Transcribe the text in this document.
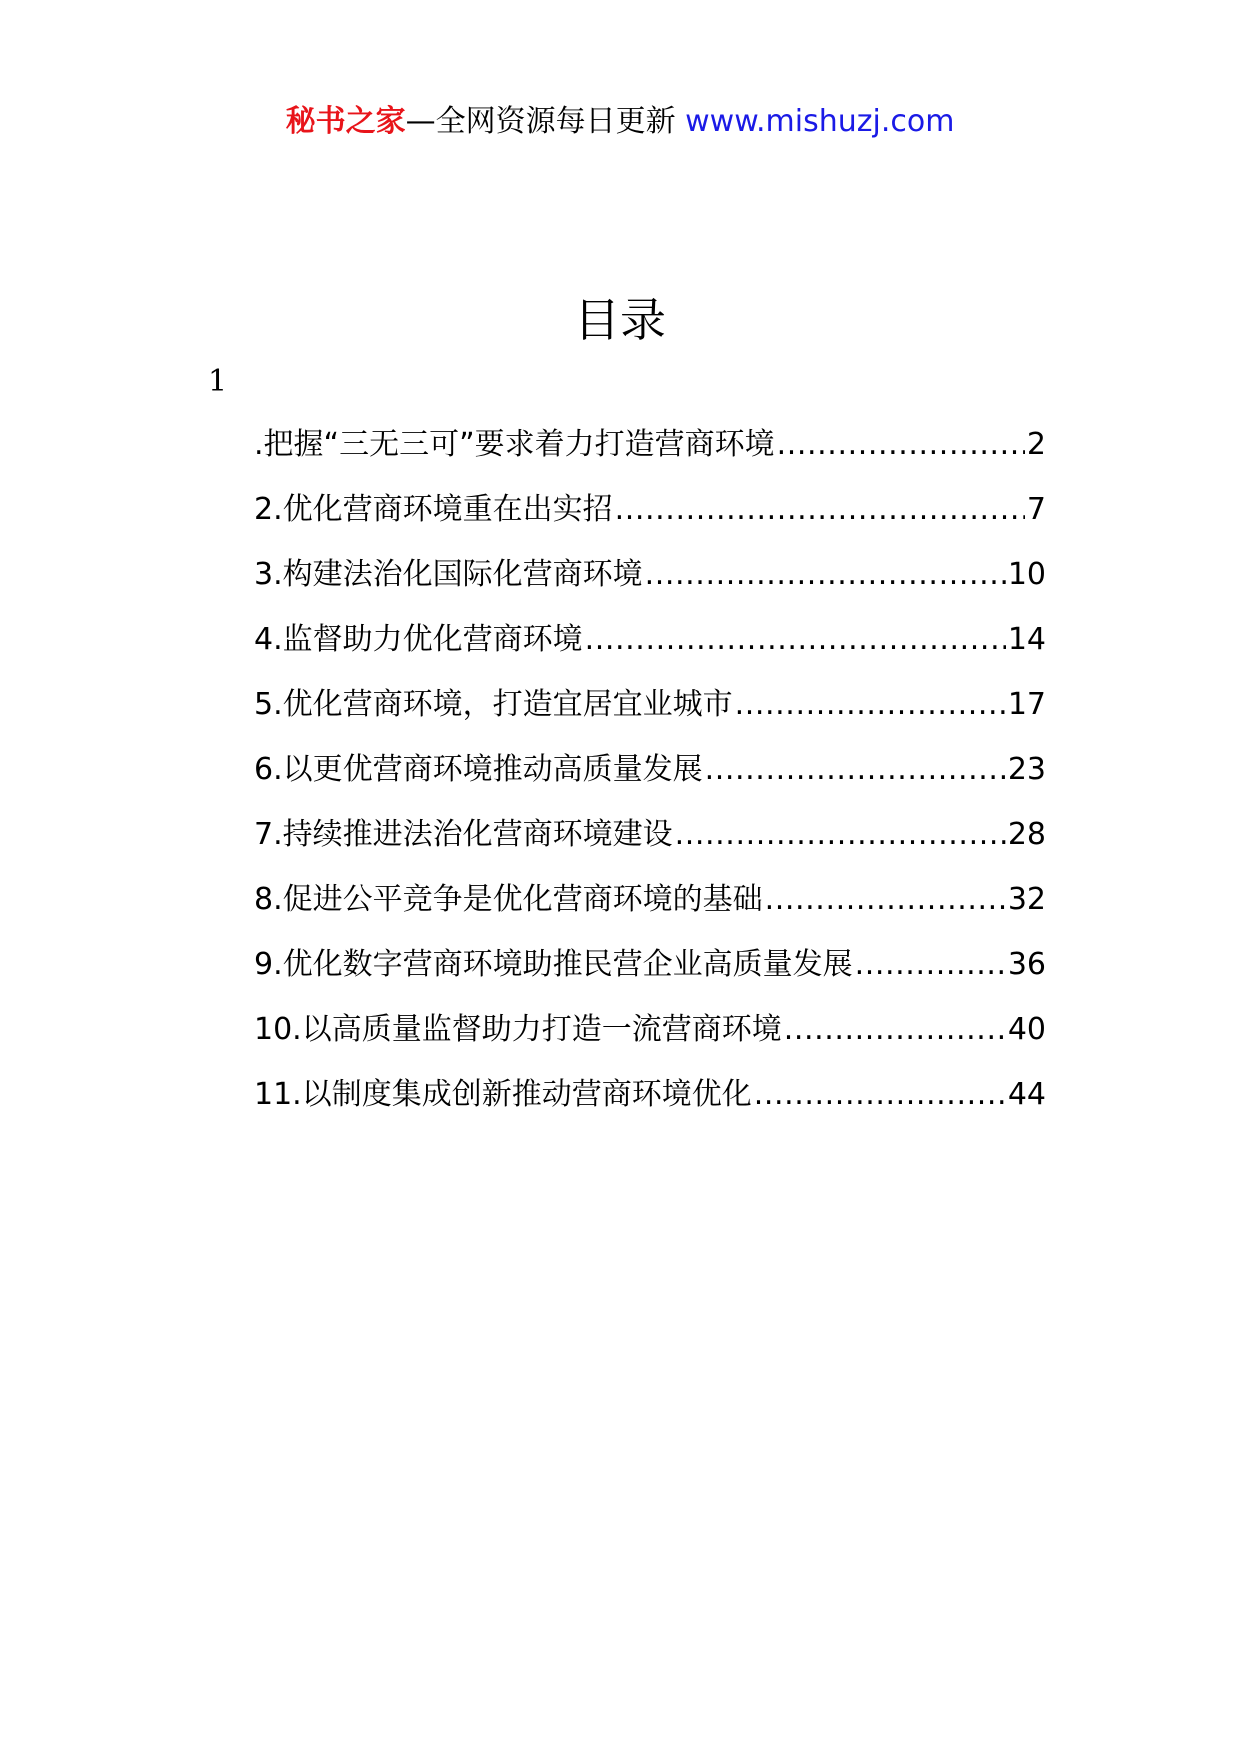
秘书之家—全网资源每日更新 www.mishuzj.com
目录
1
.把握“三无三可”要求着力打造营商环境 .....	2
2.优化营商环境重在出实招 .....	7
3.构建法治化国际化营商环境 .....	10
4.监督助力优化营商环境 .....	14
5.优化营商环境，打造宜居宜业城市 .....	17
6.以更优营商环境推动高质量发展 .....	23
7.持续推进法治化营商环境建设 .....	28
8.促进公平竞争是优化营商环境的基础 .....	32
9.优化数字营商环境助推民营企业高质量发展 .....	36
10.以高质量监督助力打造一流营商环境 .....	40
11.以制度集成创新推动营商环境优化 .....	44
